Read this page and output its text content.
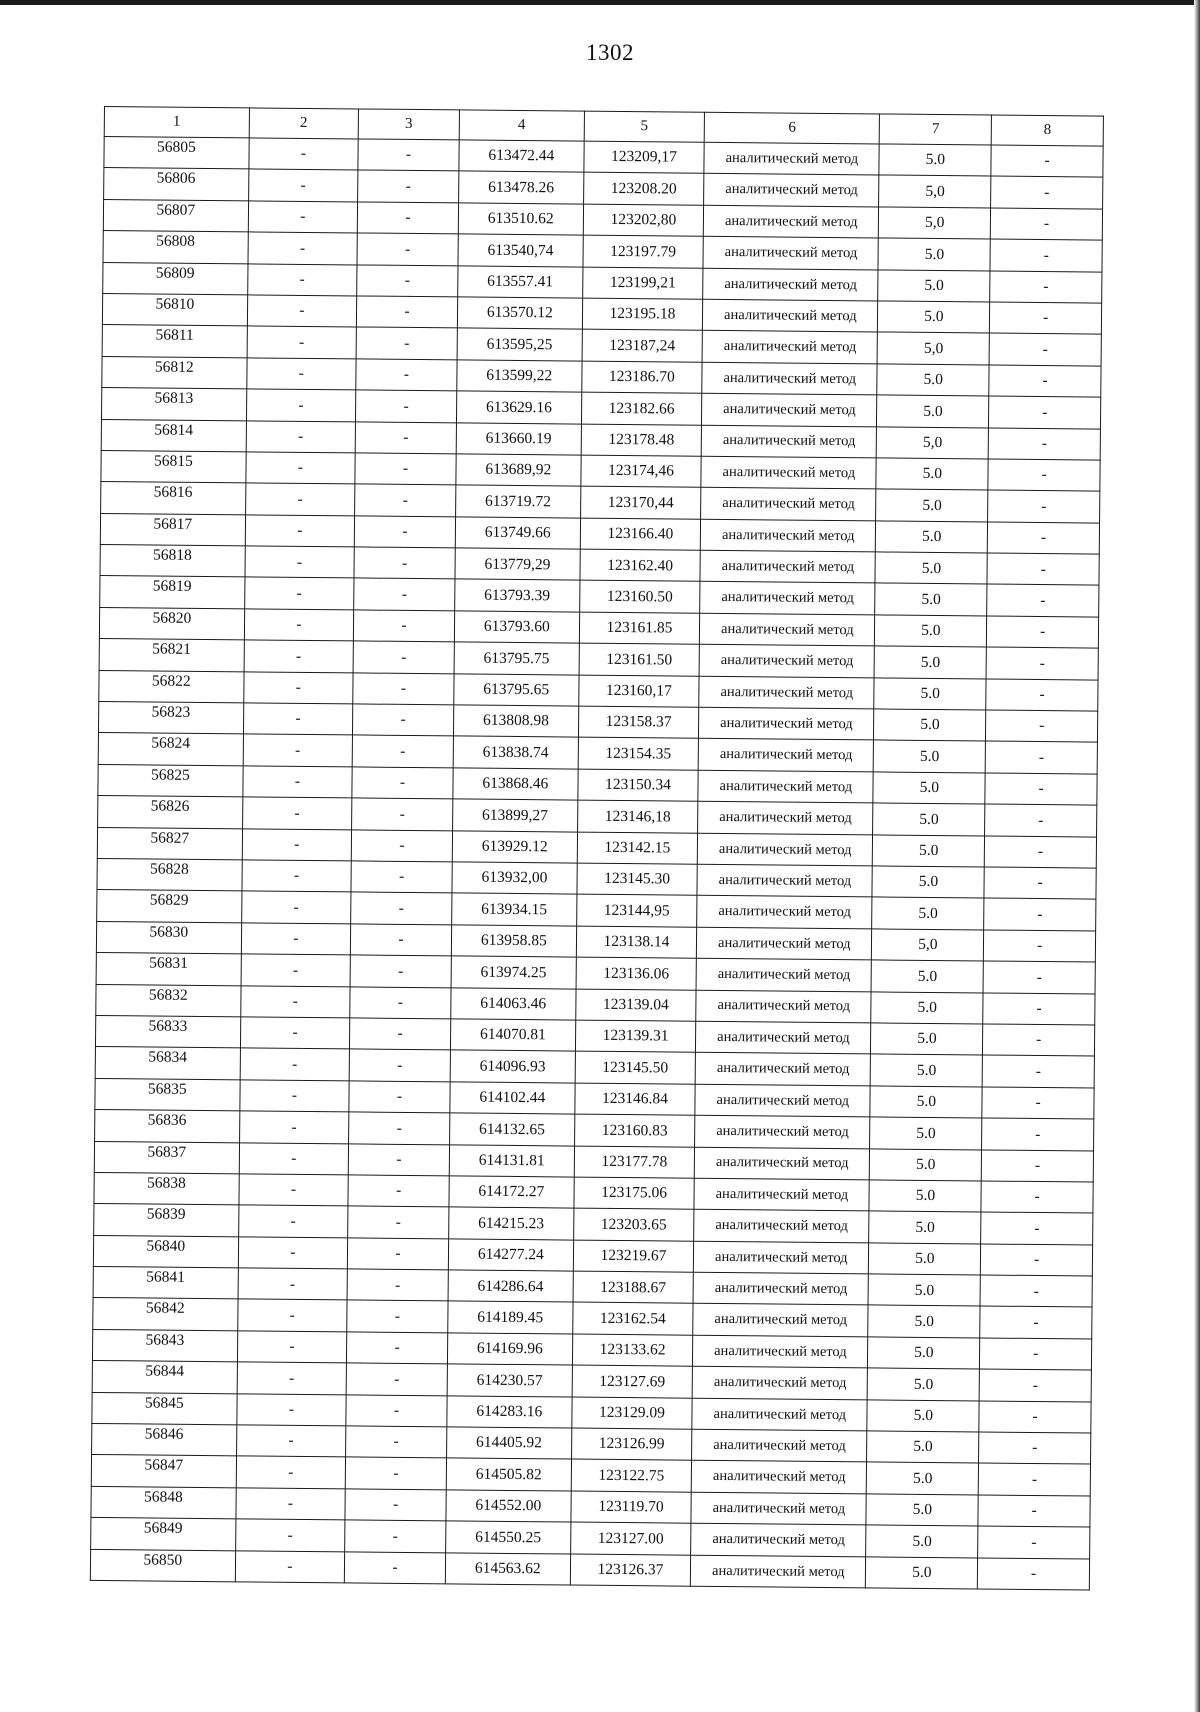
1302
1	2	3	4	5	6	7	8
56805	-	-	613472.44	123209,17	аналитический метод	5.0	-
56806	-	-	613478.26	123208.20	аналитический метод	5,0	-
56807	-	-	613510.62	123202,80	аналитический метод	5,0	-
56808	-	-	613540,74	123197.79	аналитический метод	5.0	-
56809	-	-	613557.41	123199,21	аналитический метод	5.0	-
56810	-	-	613570.12	123195.18	аналитический метод	5.0	-
56811	-	-	613595,25	123187,24	аналитический метод	5,0	-
56812	-	-	613599,22	123186.70	аналитический метод	5.0	-
56813	-	-	613629.16	123182.66	аналитический метод	5.0	-
56814	-	-	613660.19	123178.48	аналитический метод	5,0	-
56815	-	-	613689,92	123174,46	аналитический метод	5.0	-
56816	-	-	613719.72	123170,44	аналитический метод	5.0	-
56817	-	-	613749.66	123166.40	аналитический метод	5.0	-
56818	-	-	613779,29	123162.40	аналитический метод	5.0	-
56819	-	-	613793.39	123160.50	аналитический метод	5.0	-
56820	-	-	613793.60	123161.85	аналитический метод	5.0	-
56821	-	-	613795.75	123161.50	аналитический метод	5.0	-
56822	-	-	613795.65	123160,17	аналитический метод	5.0	-
56823	-	-	613808.98	123158.37	аналитический метод	5.0	-
56824	-	-	613838.74	123154.35	аналитический метод	5.0	-
56825	-	-	613868.46	123150.34	аналитический метод	5.0	-
56826	-	-	613899,27	123146,18	аналитический метод	5.0	-
56827	-	-	613929.12	123142.15	аналитический метод	5.0	-
56828	-	-	613932,00	123145.30	аналитический метод	5.0	-
56829	-	-	613934.15	123144,95	аналитический метод	5.0	-
56830	-	-	613958.85	123138.14	аналитический метод	5,0	-
56831	-	-	613974.25	123136.06	аналитический метод	5.0	-
56832	-	-	614063.46	123139.04	аналитический метод	5.0	-
56833	-	-	614070.81	123139.31	аналитический метод	5.0	-
56834	-	-	614096.93	123145.50	аналитический метод	5.0	-
56835	-	-	614102.44	123146.84	аналитический метод	5.0	-
56836	-	-	614132.65	123160.83	аналитический метод	5.0	-
56837	-	-	614131.81	123177.78	аналитический метод	5.0	-
56838	-	-	614172.27	123175.06	аналитический метод	5.0	-
56839	-	-	614215.23	123203.65	аналитический метод	5.0	-
56840	-	-	614277.24	123219.67	аналитический метод	5.0	-
56841	-	-	614286.64	123188.67	аналитический метод	5.0	-
56842	-	-	614189.45	123162.54	аналитический метод	5.0	-
56843	-	-	614169.96	123133.62	аналитический метод	5.0	-
56844	-	-	614230.57	123127.69	аналитический метод	5.0	-
56845	-	-	614283.16	123129.09	аналитический метод	5.0	-
56846	-	-	614405.92	123126.99	аналитический метод	5.0	-
56847	-	-	614505.82	123122.75	аналитический метод	5.0	-
56848	-	-	614552.00	123119.70	аналитический метод	5.0	-
56849	-	-	614550.25	123127.00	аналитический метод	5.0	-
56850	-	-	614563.62	123126.37	аналитический метод	5.0	-
